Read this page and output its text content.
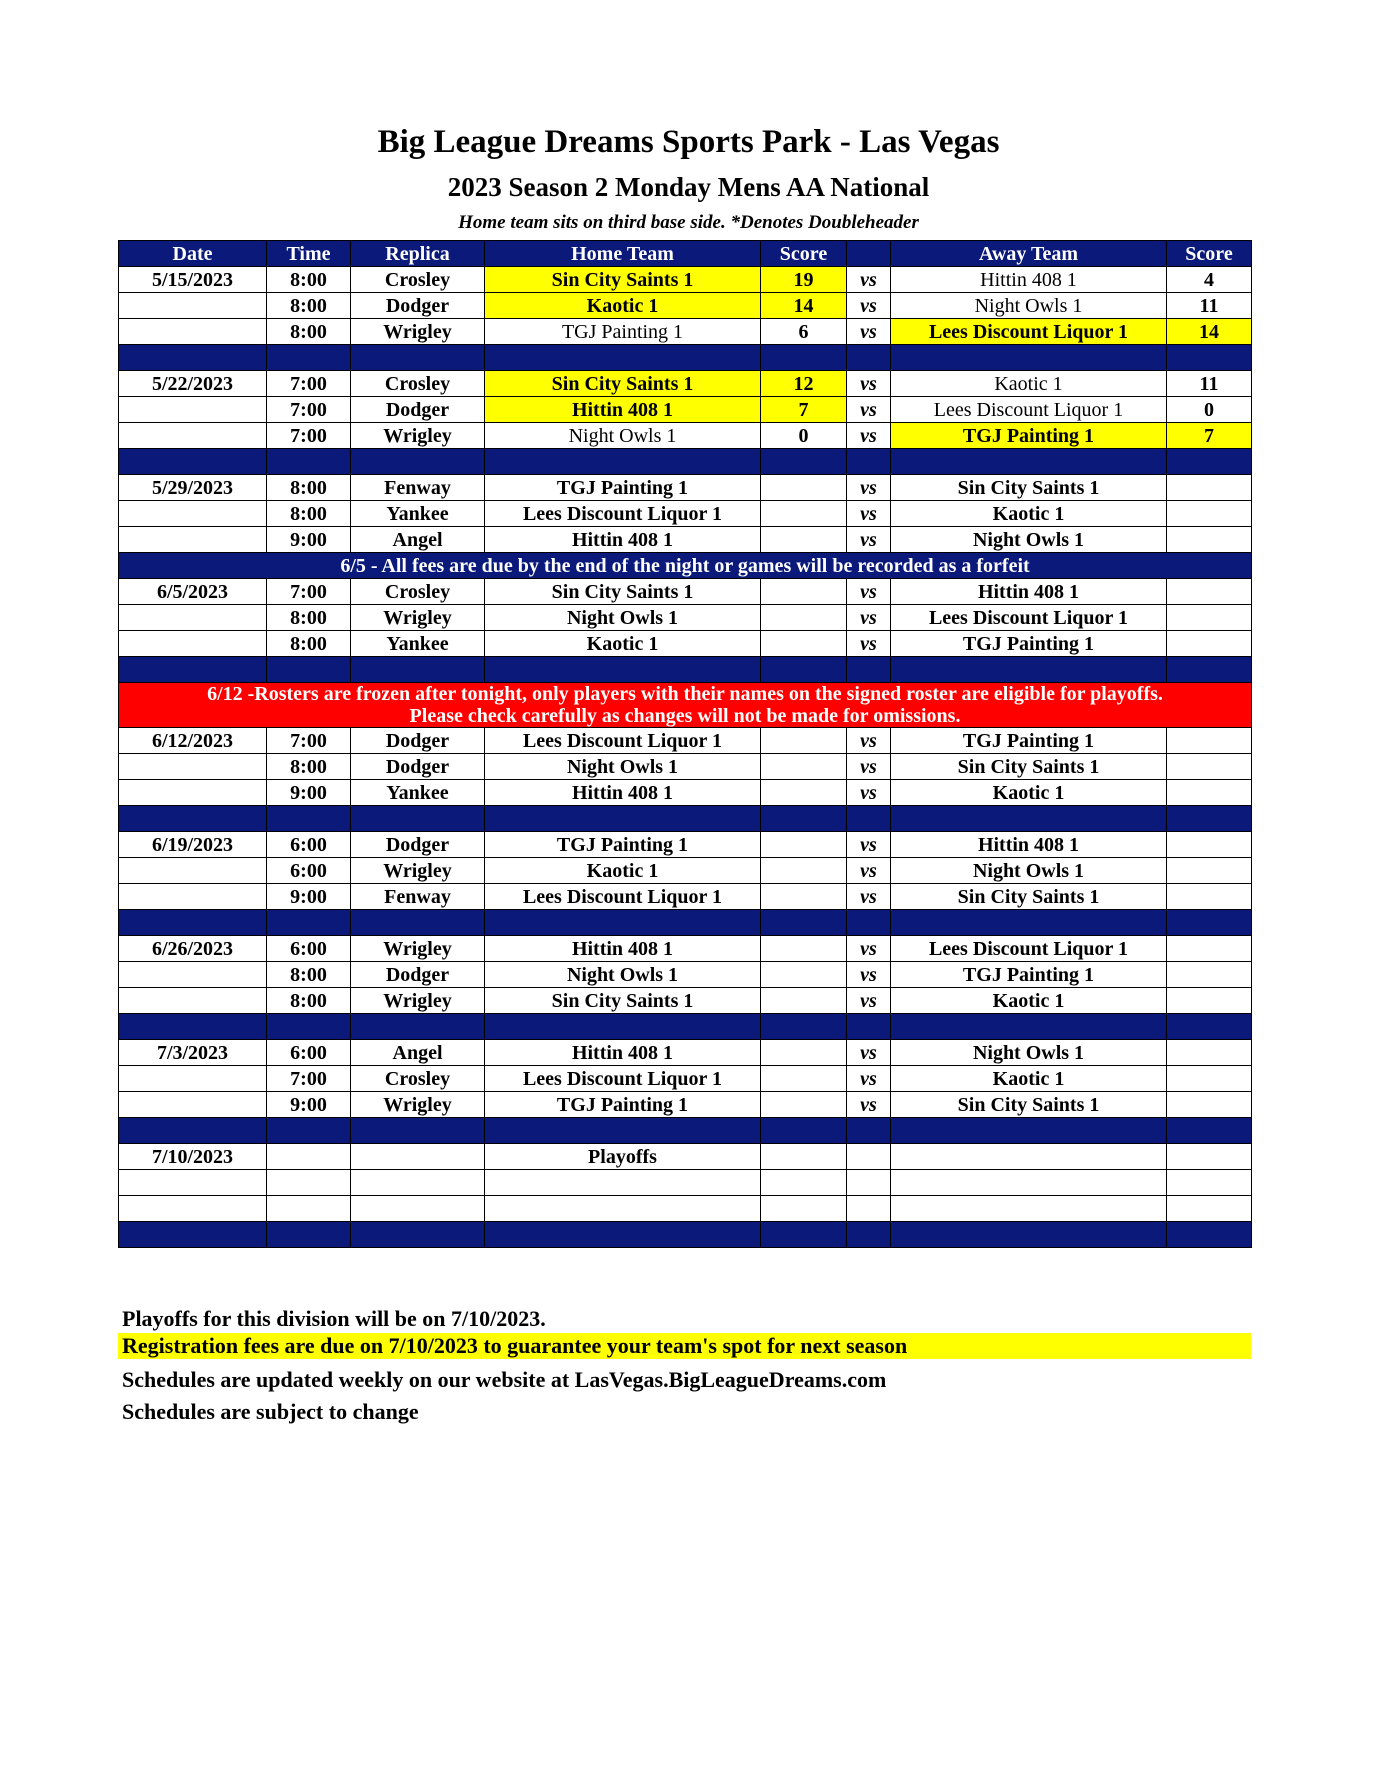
Big League Dreams Sports Park - Las Vegas
2023 Season 2 Monday Mens AA National
Home team sits on third base side. *Denotes Doubleheader
Date	Time	Replica	Home Team	Score		Away Team	Score
5/15/2023	8:00	Crosley	Sin City Saints 1	19	vs	Hittin 408 1	4
	8:00	Dodger	Kaotic 1	14	vs	Night Owls 1	11
	8:00	Wrigley	TGJ Painting 1	6	vs	Lees Discount Liquor 1	14

5/22/2023	7:00	Crosley	Sin City Saints 1	12	vs	Kaotic 1	11
	7:00	Dodger	Hittin 408 1	7	vs	Lees Discount Liquor 1	0
	7:00	Wrigley	Night Owls 1	0	vs	TGJ Painting 1	7

5/29/2023	8:00	Fenway	TGJ Painting 1		vs	Sin City Saints 1	
	8:00	Yankee	Lees Discount Liquor 1		vs	Kaotic 1	
	9:00	Angel	Hittin 408 1		vs	Night Owls 1	
6/5 - All fees are due by the end of the night or games will be recorded as a forfeit							
6/5/2023	7:00	Crosley	Sin City Saints 1		vs	Hittin 408 1	
	8:00	Wrigley	Night Owls 1		vs	Lees Discount Liquor 1	
	8:00	Yankee	Kaotic 1		vs	TGJ Painting 1	

6/12 -Rosters are frozen after tonight, only players with their names on the signed roster are eligible for playoffs.
Please check carefully as changes will not be made for omissions.							

6/12/2023	7:00	Dodger	Lees Discount Liquor 1		vs	TGJ Painting 1	
	8:00	Dodger	Night Owls 1		vs	Sin City Saints 1	
	9:00	Yankee	Hittin 408 1		vs	Kaotic 1	

6/19/2023	6:00	Dodger	TGJ Painting 1		vs	Hittin 408 1	
	6:00	Wrigley	Kaotic 1		vs	Night Owls 1	
	9:00	Fenway	Lees Discount Liquor 1		vs	Sin City Saints 1	

6/26/2023	6:00	Wrigley	Hittin 408 1		vs	Lees Discount Liquor 1	
	8:00	Dodger	Night Owls 1		vs	TGJ Painting 1	
	8:00	Wrigley	Sin City Saints 1		vs	Kaotic 1	

7/3/2023	6:00	Angel	Hittin 408 1		vs	Night Owls 1	
	7:00	Crosley	Lees Discount Liquor 1		vs	Kaotic 1	
	9:00	Wrigley	TGJ Painting 1		vs	Sin City Saints 1	

7/10/2023			Playoffs				

Playoffs for this division will be on 7/10/2023.
Registration fees are due on 7/10/2023 to guarantee your team's spot for next season
Schedules are updated weekly on our website at LasVegas.BigLeagueDreams.com
Schedules are subject to change
